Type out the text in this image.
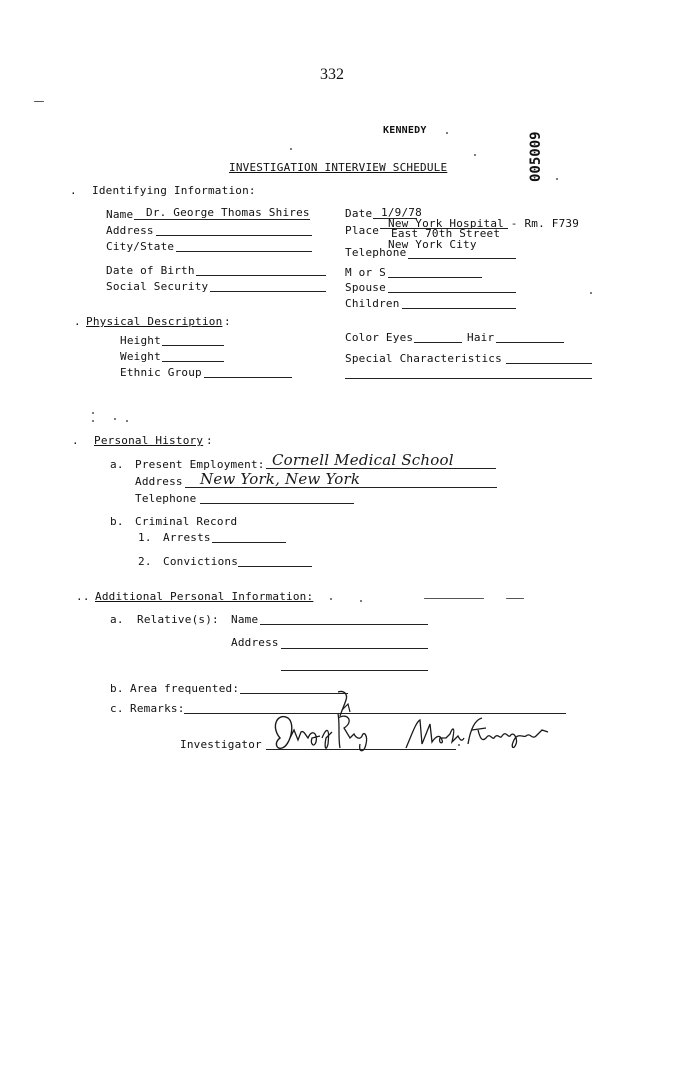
332
KENNEDY
005009
INVESTIGATION INTERVIEW SCHEDULE
. Identifying Information:
Name Dr. George Thomas Shires
Address
City/State
Date of Birth
Social Security
Date 1/9/78
Place
New York Hospital - Rm. F739
East 70th Street
New York City
Telephone
M or S
Spouse
Children
. Physical Description :
Height
Weight
Ethnic Group
Color Eyes	Hair
Special Characteristics
. Personal History :
a. Present Employment: Cornell Medical School
Address New York, New York
Telephone
b. Criminal Record
1. Arrests
2. Convictions
.. Additional Personal Information:
a. Relative(s): Name
Address
b. Area frequented:
c. Remarks:
Investigator
